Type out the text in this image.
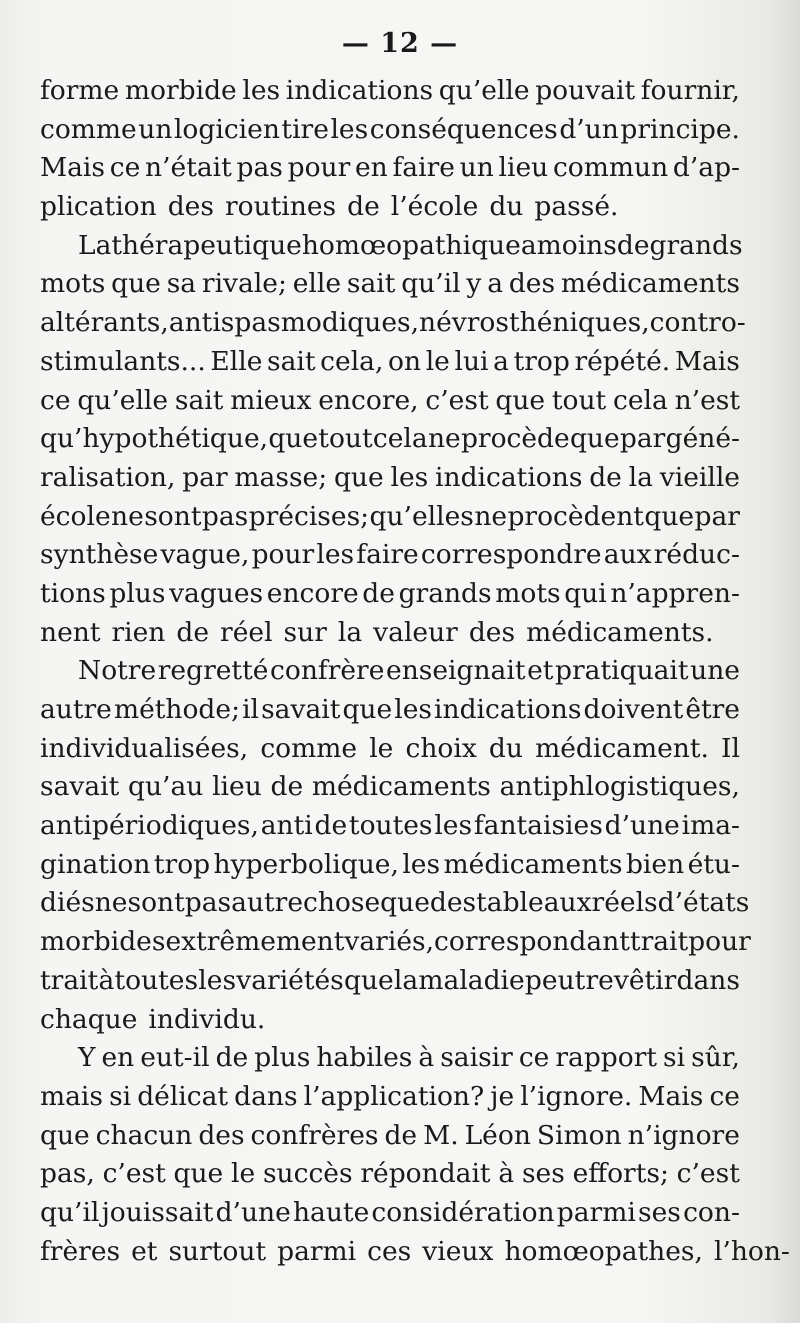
— 12 —
forme morbide les indications qu’elle pouvait fournir,
comme un logicien tire les conséquences d’un principe.
Mais ce n’était pas pour en faire un lieu commun d’ap-
plication des routines de l’école du passé.
La thérapeutique homœopathique a moins de grands
mots que sa rivale; elle sait qu’il y a des médicaments
altérants, antispasmodiques, névrosthéniques, contro-
stimulants... Elle sait cela, on le lui a trop répété. Mais
ce qu’elle sait mieux encore, c’est que tout cela n’est
qu’hypothétique, que tout cela ne procède que par géné-
ralisation, par masse; que les indications de la vieille
école ne sont pas précises; qu’elles ne procèdent que par
synthèse vague, pour les faire correspondre aux réduc-
tions plus vagues encore de grands mots qui n’appren-
nent rien de réel sur la valeur des médicaments.
Notre regretté confrère enseignait et pratiquait une
autre méthode; il savait que les indications doivent être
individualisées, comme le choix du médicament. Il
savait qu’au lieu de médicaments antiphlogistiques,
antipériodiques, anti de toutes les fantaisies d’une ima-
gination trop hyperbolique, les médicaments bien étu-
diés ne sont pas autre chose que des tableaux réels d’états
morbides extrêmement variés, correspondant trait pour
trait à toutes les variétés que la maladie peut revêtir dans
chaque individu.
Y en eut-il de plus habiles à saisir ce rapport si sûr,
mais si délicat dans l’application? je l’ignore. Mais ce
que chacun des confrères de M. Léon Simon n’ignore
pas, c’est que le succès répondait à ses efforts; c’est
qu’il jouissait d’une haute considération parmi ses con-
frères et surtout parmi ces vieux homœopathes, l’hon-
